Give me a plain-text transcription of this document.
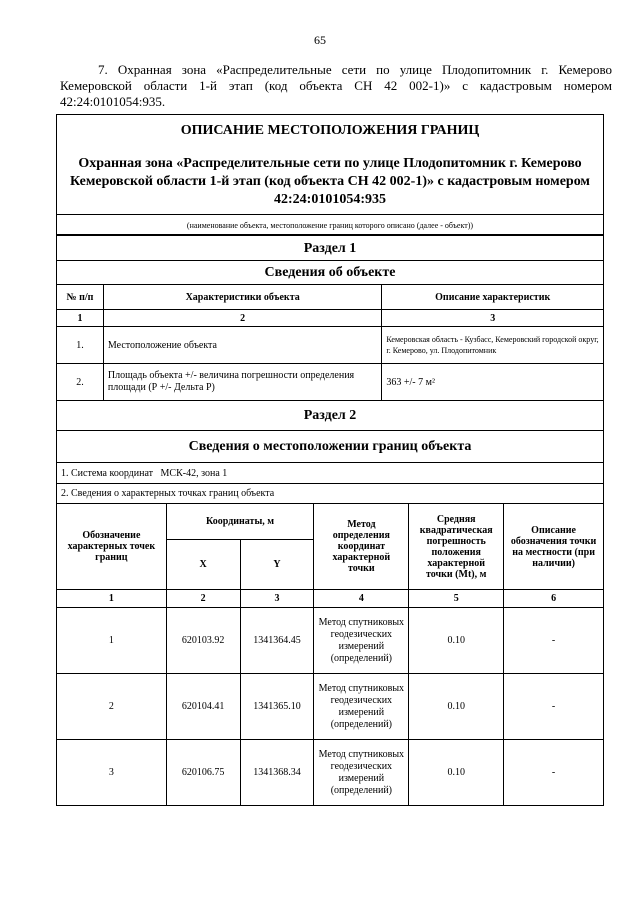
65
7. Охранная зона «Распределительные сети по улице Плодопитомник г. Кемерово Кемеровской области 1-й этап (код объекта СН 42 002-1)» с кадастровым номером 42:24:0101054:935.
ОПИСАНИЕ МЕСТОПОЛОЖЕНИЯ ГРАНИЦ
Охранная зона «Распределительные сети по улице Плодопитомник г. Кемерово Кемеровской области 1-й этап (код объекта СН 42 002-1)» с кадастровым номером 42:24:0101054:935
(наименование объекта, местоположение границ которого описано (далее - объект))
Раздел 1
Сведения об объекте
№ п/п	Характеристики объекта	Описание характеристик
1	2	3
1.	Местоположение объекта	Кемеровская область - Кузбасс, Кемеровский городской округ, г. Кемерово, ул. Плодопитомник
2.	Площадь объекта +/- величина погрешности определения площади (Р +/- Дельта Р)	363 +/- 7 м²
Раздел 2
Сведения о местоположении границ объекта
1. Система координат   МСК-42, зона 1
2. Сведения о характерных точках границ объекта
Обозначение характерных точек границ	Координаты, м		Метод определения координат характерной точки	Средняя квадратическая погрешность положения характерной точки (Мt), м	Описание обозначения точки на местности (при наличии)
	X	Y			
1	2	3	4	5	6
1	620103.92	1341364.45	Метод спутниковых геодезических измерений (определений)	0.10	-
2	620104.41	1341365.10	Метод спутниковых геодезических измерений (определений)	0.10	-
3	620106.75	1341368.34	Метод спутниковых геодезических измерений (определений)	0.10	-
